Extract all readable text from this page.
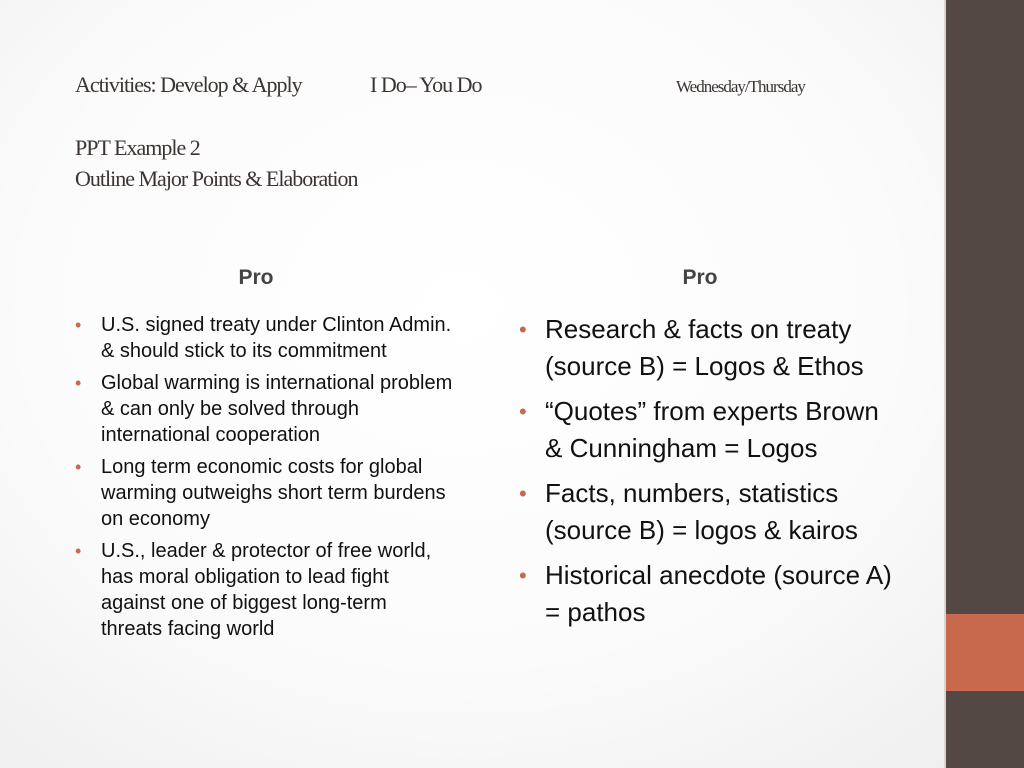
Activities: Develop & Apply	I Do– You Do	Wednesday/Thursday
PPT Example 2
Outline Major Points & Elaboration
Pro	Pro
• U.S. signed treaty under Clinton Admin. & should stick to its commitment
• Global warming is international problem & can only be solved through international cooperation
• Long term economic costs for global warming outweighs short term burdens on economy
• U.S., leader & protector of free world, has moral obligation to lead fight against one of biggest long-term threats facing world
• Research & facts on treaty (source B) = Logos & Ethos
• “Quotes” from experts Brown & Cunningham = Logos
• Facts, numbers, statistics (source B) = logos & kairos
• Historical anecdote (source A) = pathos
